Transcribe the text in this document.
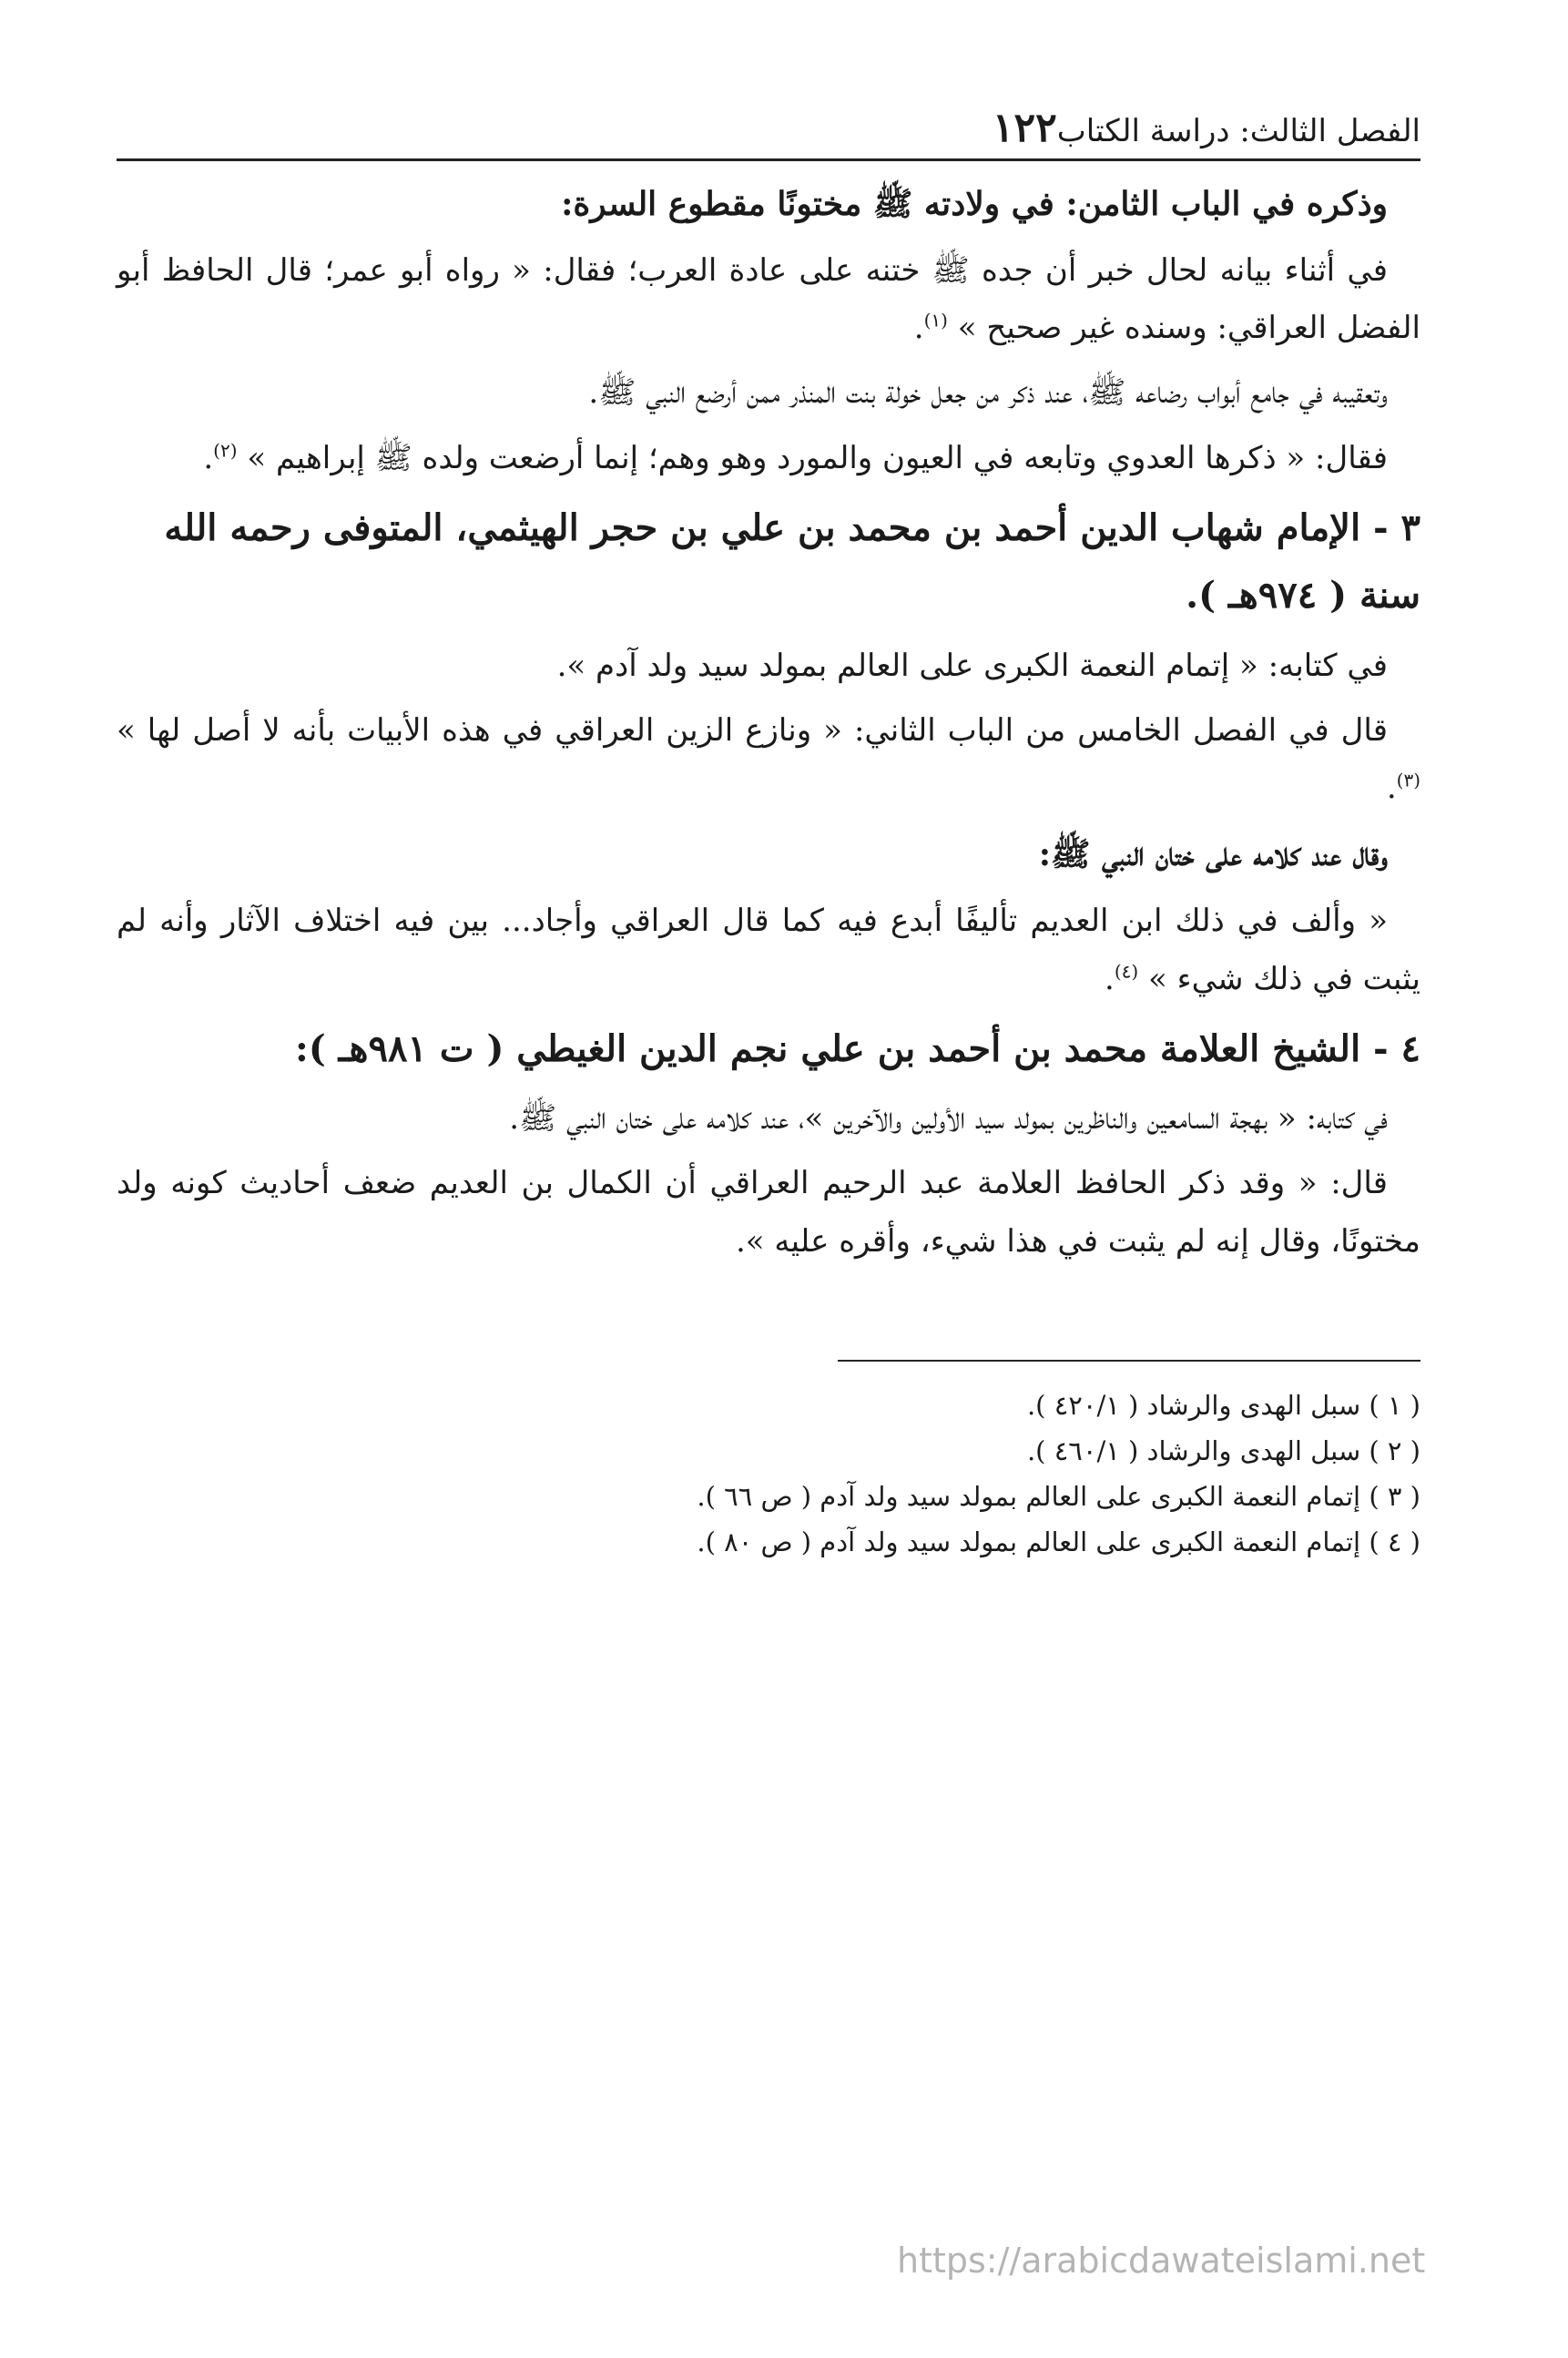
الفصل الثالث: دراسة الكتاب
١٢٢

وذكره في الباب الثامن: في ولادته ﷺ مختونًا مقطوع السرة:

في أثناء بيانه لحال خبر أن جده ﷺ ختنه على عادة العرب؛ فقال: « رواه أبو عمر؛ قال الحافظ أبو الفضل العراقي: وسنده غير صحيح » $^{(١)}$.

وتعقيبه في جامع أبواب رضاعه ﷺ، عند ذكر من جعل خولة بنت المنذر ممن أرضع النبي ﷺ.

فقال: « ذكرها العدوي وتابعه في العيون والمورد وهو وهم؛ إنما أرضعت ولده ﷺ إبراهيم » $^{(٢)}$.

٣ - الإمام شهاب الدين أحمد بن محمد بن علي بن حجر الهيثمي، المتوفى رحمه الله سنة ( ٩٧٤هـ ).

في كتابه: « إتمام النعمة الكبرى على العالم بمولد سيد ولد آدم ».

قال في الفصل الخامس من الباب الثاني: « ونازع الزين العراقي في هذه الأبيات بأنه لا أصل لها » $^{(٣)}$.

وقال عند كلامه على ختان النبي ﷺ:

« وألف في ذلك ابن العديم تأليفًا أبدع فيه كما قال العراقي وأجاد... بين فيه اختلاف الآثار وأنه لم يثبت في ذلك شيء » $^{(٤)}$.

٤ - الشيخ العلامة محمد بن أحمد بن علي نجم الدين الغيطي ( ت ٩٨١هـ ):

في كتابه: « بهجة السامعين والناظرين بمولد سيد الأولين والآخرين »، عند كلامه على ختان النبي ﷺ.

قال: « وقد ذكر الحافظ العلامة عبد الرحيم العراقي أن الكمال بن العديم ضعف أحاديث كونه ولد مختونًا، وقال إنه لم يثبت في هذا شيء، وأقره عليه ».

( ١ ) سبل الهدى والرشاد ( ٤٢٠/١ ).
( ٢ ) سبل الهدى والرشاد ( ٤٦٠/١ ).
( ٣ ) إتمام النعمة الكبرى على العالم بمولد سيد ولد آدم ( ص ٦٦ ).
( ٤ ) إتمام النعمة الكبرى على العالم بمولد سيد ولد آدم ( ص ٨٠ ).
https://arabicdawateislami.net
